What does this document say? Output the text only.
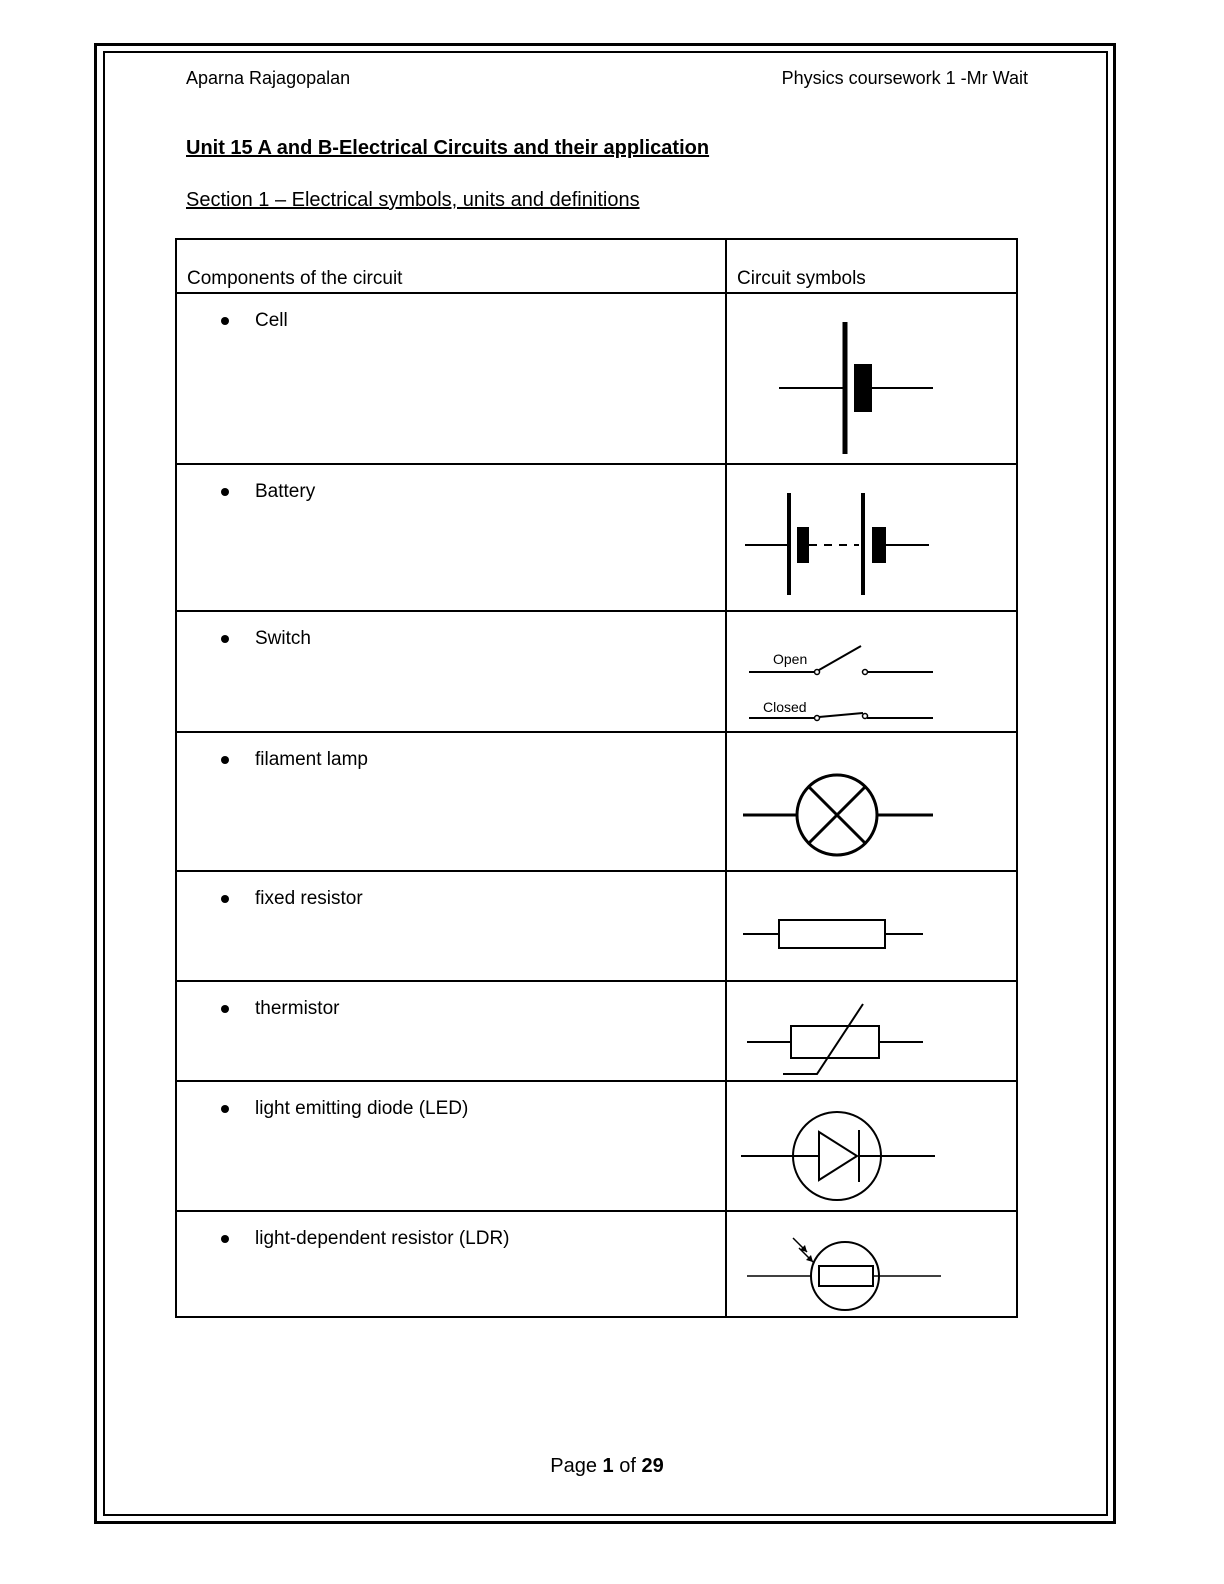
Aparna Rajagopalan	Physics coursework 1 -Mr Wait
Unit 15 A and B-Electrical Circuits and their application
Section 1 – Electrical symbols, units and definitions
Components of the circuit	Circuit symbols

Cell

Battery

Switch	Open
Closed

filament lamp

fixed resistor

thermistor

light emitting diode (LED)

light-dependent resistor (LDR)

Page 1 of 29
